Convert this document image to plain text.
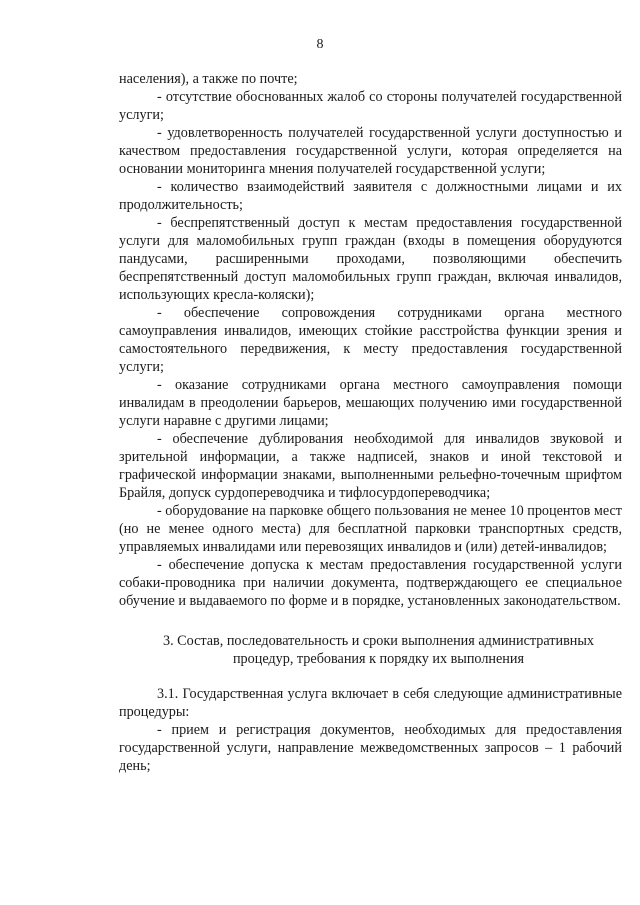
8

населения), а также по почте;

- отсутствие обоснованных жалоб со стороны получателей государственной услуги;

- удовлетворенность получателей государственной услуги доступностью и качеством предоставления государственной услуги, которая определяется на основании мониторинга мнения получателей государственной услуги;

- количество взаимодействий заявителя с должностными лицами и их продолжительность;

- беспрепятственный доступ к местам предоставления государственной услуги для маломобильных групп граждан (входы в помещения оборудуются пандусами, расширенными проходами, позволяющими обеспечить беспрепятственный доступ маломобильных групп граждан, включая инвалидов, использующих кресла-коляски);

- обеспечение сопровождения сотрудниками органа местного самоуправления инвалидов, имеющих стойкие расстройства функции зрения и самостоятельного передвижения, к месту предоставления государственной услуги;

- оказание сотрудниками органа местного самоуправления помощи инвалидам в преодолении барьеров, мешающих получению ими государственной услуги наравне с другими лицами;

- обеспечение дублирования необходимой для инвалидов звуковой и зрительной информации, а также надписей, знаков и иной текстовой и графической информации знаками, выполненными рельефно-точечным шрифтом Брайля, допуск сурдопереводчика и тифлосурдопереводчика;

- оборудование на парковке общего пользования не менее 10 процентов мест (но не менее одного места) для бесплатной парковки транспортных средств, управляемых инвалидами или перевозящих инвалидов и (или) детей-инвалидов;

- обеспечение допуска к местам предоставления государственной услуги собаки-проводника при наличии документа, подтверждающего ее специальное обучение и выдаваемого по форме и в порядке, установленных законодательством.

3. Состав, последовательность и сроки выполнения административных процедур, требования к порядку их выполнения

3.1. Государственная услуга включает в себя следующие административные процедуры:

- прием и регистрация документов, необходимых для предоставления государственной услуги, направление межведомственных запросов – 1 рабочий день;
